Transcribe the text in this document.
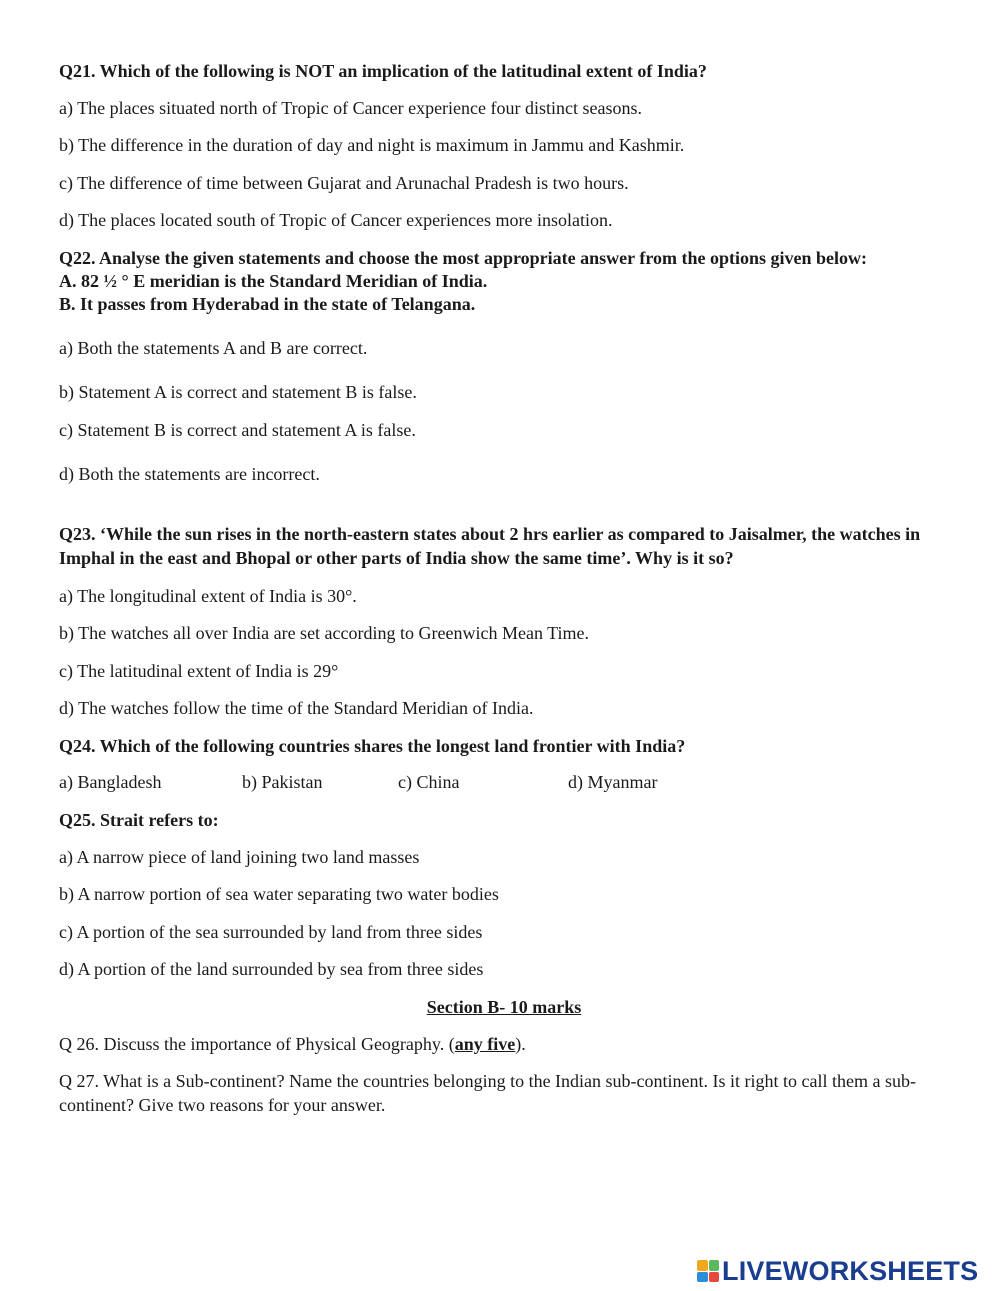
Q21. Which of the following is NOT an implication of the latitudinal extent of India?
a) The places situated north of Tropic of Cancer experience four distinct seasons.
b) The difference in the duration of day and night is maximum in Jammu and Kashmir.
c) The difference of time between Gujarat and Arunachal Pradesh is two hours.
d) The places located south of Tropic of Cancer experiences more insolation.
Q22. Analyse the given statements and choose the most appropriate answer from the options given below:
A. 82 ½ ° E meridian is the Standard Meridian of India.
B. It passes from Hyderabad in the state of Telangana.
a) Both the statements A and B are correct.
b) Statement A is correct and statement B is false.
c) Statement B is correct and statement A is false.
d) Both the statements are incorrect.
Q23. ‘While the sun rises in the north-eastern states about 2 hrs earlier as compared to Jaisalmer, the watches in Imphal in the east and Bhopal or other parts of India show the same time’. Why is it so?
a) The longitudinal extent of India is 30°.
b) The watches all over India are set according to Greenwich Mean Time.
c) The latitudinal extent of India is 29°
d) The watches follow the time of the Standard Meridian of India.
Q24. Which of the following countries shares the longest land frontier with India?
a) Bangladesh	b) Pakistan	c) China	d) Myanmar
Q25. Strait refers to:
a) A narrow piece of land joining two land masses
b) A narrow portion of sea water separating two water bodies
c) A portion of the sea surrounded by land from three sides
d) A portion of the land surrounded by sea from three sides
Section B- 10 marks
Q 26. Discuss the importance of Physical Geography. (any five).
Q 27. What is a Sub-continent? Name the countries belonging to the Indian sub-continent. Is it right to call them a sub-continent? Give two reasons for your answer.
LIVEWORKSHEETS
